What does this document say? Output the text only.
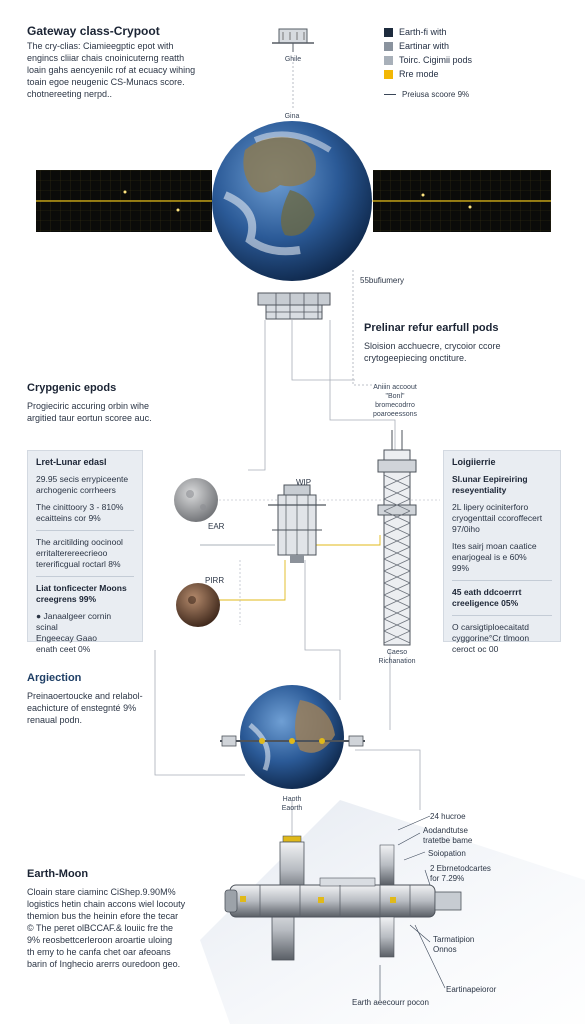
Gateway class-Crypoot
The cry-clias: Ciamieegptic epot with
engincs cliiar chais cnoinicuterng reatth
loain gahs aencyenilc rof at ecuacy wihing
toain egoe neugenic CS-Munacs score.
chotnereeting nerpd..
Earth-fi with
Eartinar with
Toirc. Cigimii pods
Rre mode
Preiusa scoore 9%
Ghile
Gina
55bufiumery
Aniiin accoout
"Bonl"
bromecodrro
poaroeessons
WIP
EAR
PIRR
Caeso
Richanation
Haoth
Eaorth
24 hucroe
Aodandtutse
tratetbe bame
Soiopation
2 Ebrnetodcartes
for 7.29%
Tarmatipion
Onnos
Eartinapeioror
Earth aeecourr pocon
Prelinar refur earfull pods
Sloision acchuecre, crycoior ccore
crytogeepiecing onctiture.
Crypgenic epods
Progieciric accuring orbin wihe
argitied taur eortun scoree auc.
Argiection
Preinaoertoucke and relabol-
eachicture of enstegnté 9%
renaual podn.
Earth-Moon
Cloain stare ciaminc CiShep.9.90M%
logistics hetin chain accons wiel locouty
themion bus the heinin efore the tecar
© The peret olBCCAF.& louiic fre the
9% reosbettcerleroon aroartie uloing
th emy to he canfa chet oar afeoans
barin of Inghecio arerrs ouredoon geo.
Lret-Lunar edasl
29.95 secis errypiceente
archogenic corrheers
The cinittoory 3 - 810%
ecaitteins cor 9%
The arcitilding oocinool
erritalterereecrieoo
tererificgual roctarl 8%
Liat tonficecter Moons
creegrens 99%
● Janaalgeer cornin scinal
Engeecay Gaao
enath ceet 0%
Loigiierrie
Sl.unar Eepireiring
reseyentiality
2L lipery ociniterforo
cryogenttail ccoroffecert
97/0iho
Ites sairj moan caatice
enarjogeal is e 60%
99%
45 eath ddcoerrrt
creeligence 05%
O carsigtiploecaitatd
cyggorine°Cr tlmoon
ceroct oc 00
